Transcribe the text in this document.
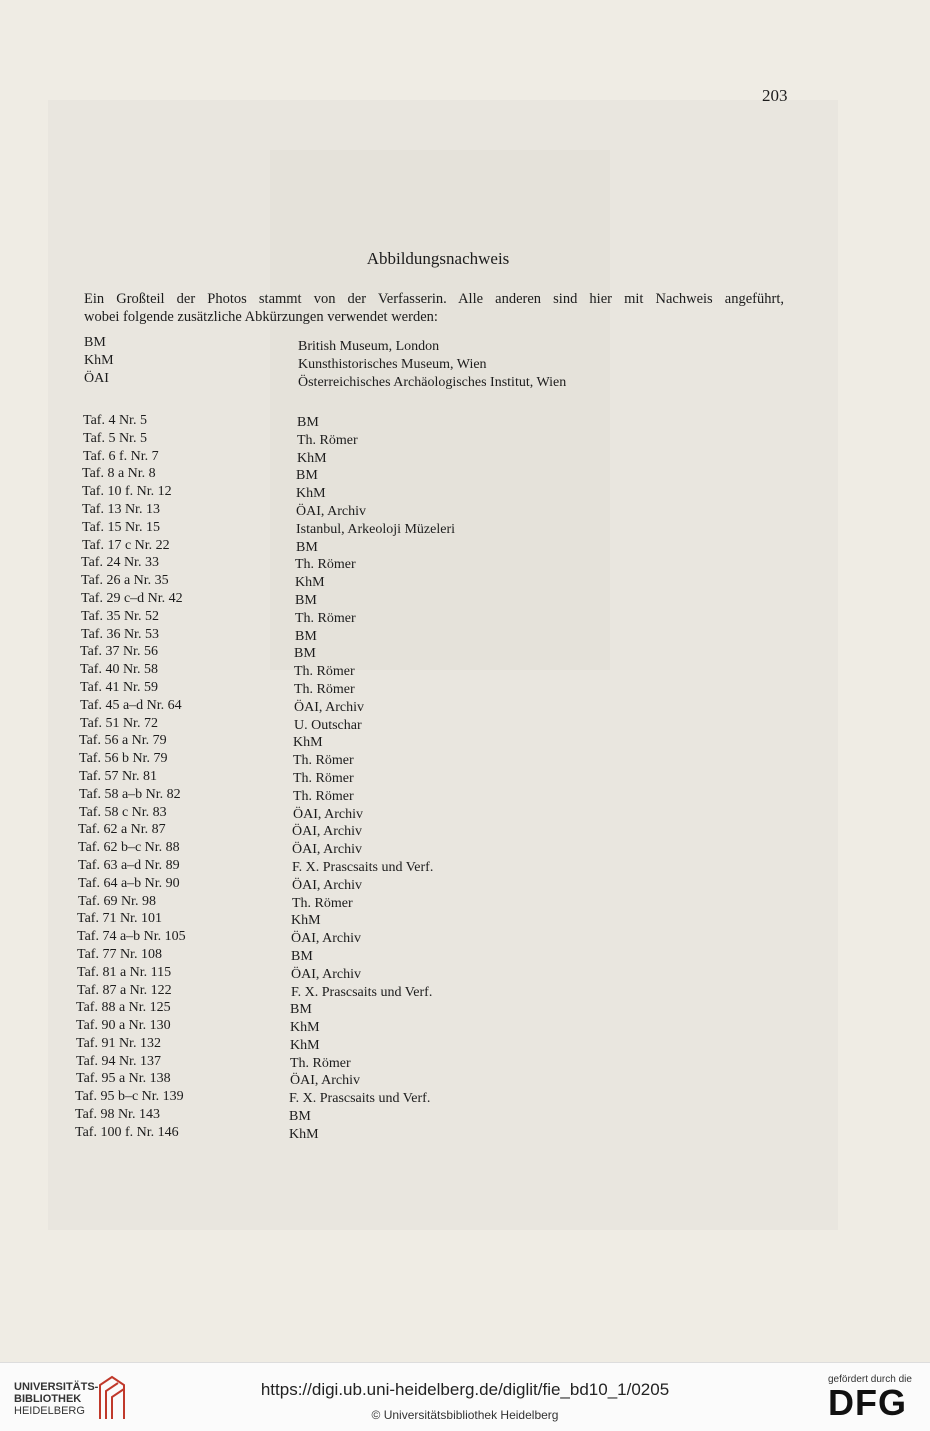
203
Abbildungsnachweis
Ein Großteil der Photos stammt von der Verfasserin. Alle anderen sind hier mit Nachweis angeführt,
wobei folgende zusätzliche Abkürzungen verwendet werden:
BM	British Museum, London
KhM	Kunsthistorisches Museum, Wien
ÖAI	Österreichisches Archäologisches Institut, Wien
Taf. 4 Nr. 5	BM
Taf. 5 Nr. 5	Th. Römer
Taf. 6 f. Nr. 7	KhM
Taf. 8 a Nr. 8	BM
Taf. 10 f. Nr. 12	KhM
Taf. 13 Nr. 13	ÖAI, Archiv
Taf. 15 Nr. 15	Istanbul, Arkeoloji Müzeleri
Taf. 17 c Nr. 22	BM
Taf. 24 Nr. 33	Th. Römer
Taf. 26 a Nr. 35	KhM
Taf. 29 c–d Nr. 42	BM
Taf. 35 Nr. 52	Th. Römer
Taf. 36 Nr. 53	BM
Taf. 37 Nr. 56	BM
Taf. 40 Nr. 58	Th. Römer
Taf. 41 Nr. 59	Th. Römer
Taf. 45 a–d Nr. 64	ÖAI, Archiv
Taf. 51 Nr. 72	U. Outschar
Taf. 56 a Nr. 79	KhM
Taf. 56 b Nr. 79	Th. Römer
Taf. 57 Nr. 81	Th. Römer
Taf. 58 a–b Nr. 82	Th. Römer
Taf. 58 c Nr. 83	ÖAI, Archiv
Taf. 62 a Nr. 87	ÖAI, Archiv
Taf. 62 b–c Nr. 88	ÖAI, Archiv
Taf. 63 a–d Nr. 89	F. X. Prascsaits und Verf.
Taf. 64 a–b Nr. 90	ÖAI, Archiv
Taf. 69 Nr. 98	Th. Römer
Taf. 71 Nr. 101	KhM
Taf. 74 a–b Nr. 105	ÖAI, Archiv
Taf. 77 Nr. 108	BM
Taf. 81 a Nr. 115	ÖAI, Archiv
Taf. 87 a Nr. 122	F. X. Prascsaits und Verf.
Taf. 88 a Nr. 125	BM
Taf. 90 a Nr. 130	KhM
Taf. 91 Nr. 132	KhM
Taf. 94 Nr. 137	Th. Römer
Taf. 95 a Nr. 138	ÖAI, Archiv
Taf. 95 b–c Nr. 139	F. X. Prascsaits und Verf.
Taf. 98 Nr. 143	BM
Taf. 100 f. Nr. 146	KhM
UNIVERSITÄTS-
BIBLIOTHEK
HEIDELBERG
https://digi.ub.uni-heidelberg.de/diglit/fie_bd10_1/0205
© Universitätsbibliothek Heidelberg
gefördert durch die
DFG
